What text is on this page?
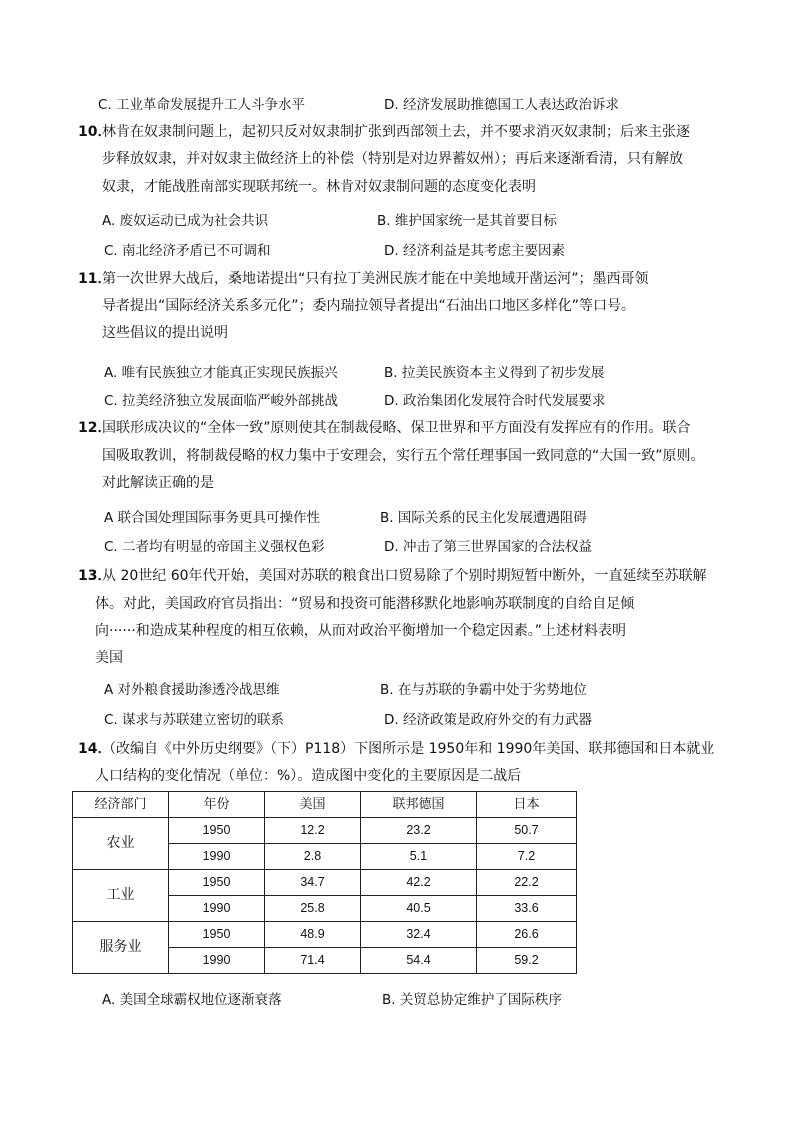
C. 工业革命发展提升工人斗争水平	D. 经济发展助推德国工人表达政治诉求
10．
林肯在奴隶制问题上，起初只反对奴隶制扩张到西部领土去，并不要求消灭奴隶制；后来主张逐
步释放奴隶，并对奴隶主做经济上的补偿（特别是对边界蓄奴州）；再后来逐渐看清，只有解放
奴隶，才能战胜南部实现联邦统一。林肯对奴隶制问题的态度变化表明
A. 废奴运动已成为社会共识	B. 维护国家统一是其首要目标
C. 南北经济矛盾已不可调和	D. 经济利益是其考虑主要因素
11．
第一次世界大战后，桑地诺提出“只有拉丁美洲民族才能在中美地域开凿运河”；墨西哥领
导者提出“国际经济关系多元化”；委内瑞拉领导者提出“石油出口地区多样化”等口号。
这些倡议的提出说明
A. 唯有民族独立才能真正实现民族振兴	B. 拉美民族资本主义得到了初步发展
C. 拉美经济独立发展面临严峻外部挑战	D. 政治集团化发展符合时代发展要求
12．
国联形成决议的“全体一致”原则使其在制裁侵略、保卫世界和平方面没有发挥应有的作用。联合
国吸取教训，将制裁侵略的权力集中于安理会，实行五个常任理事国一致同意的“大国一致”原则。
对此解读正确的是
A 联合国处理国际事务更具可操作性	B. 国际关系的民主化发展遭遇阻碍
C. 二者均有明显的帝国主义强权色彩	D. 冲击了第三世界国家的合法权益
13．
从 20世纪 60年代开始，美国对苏联的粮食出口贸易除了个别时期短暂中断外，一直延续至苏联解
体。对此，美国政府官员指出：“贸易和投资可能潜移默化地影响苏联制度的自给自足倾
向······和造成某种程度的相互依赖，从而对政治平衡增加一个稳定因素。”上述材料表明
美国
A 对外粮食援助渗透冷战思维	B. 在与苏联的争霸中处于劣势地位
C. 谋求与苏联建立密切的联系	D. 经济政策是政府外交的有力武器
14．
（改编自《中外历史纲要》（下）P118）下图所示是 1950年和 1990年美国、联邦德国和日本就业
人口结构的变化情况（单位：%）。造成图中变化的主要原因是二战后
经济部门	年份	美国	联邦德国	日本
农业	1950	12.2	23.2	50.7
	1990	2.8	5.1	7.2
工业	1950	34.7	42.2	22.2
	1990	25.8	40.5	33.6
服务业	1950	48.9	32.4	26.6
	1990	71.4	54.4	59.2
A. 美国全球霸权地位逐渐衰落	B. 关贸总协定维护了国际秩序
